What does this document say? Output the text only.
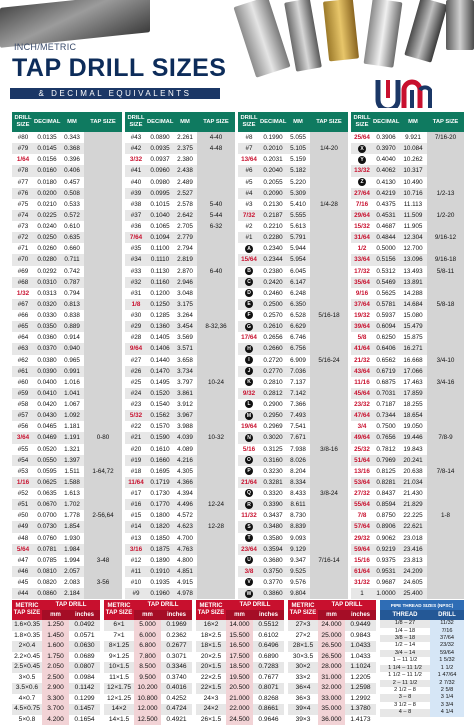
INCH/METRIC
TAP DRILL SIZES
& DECIMAL EQUIVALENTS
DRILL SIZE	DECIMAL	MM	TAP SIZE
#80	0.0135	0.343	
#79	0.0145	0.368	
1/64	0.0156	0.396	
#78	0.0160	0.406	
#77	0.0180	0.457	
#76	0.0200	0.508	
#75	0.0210	0.533	
#74	0.0225	0.572	
#73	0.0240	0.610	
#72	0.0250	0.635	
#71	0.0260	0.660	
#70	0.0280	0.711	
#69	0.0292	0.742	
#68	0.0310	0.787	
1/32	0.0313	0.794	
#67	0.0320	0.813	
#66	0.0330	0.838	
#65	0.0350	0.889	
#64	0.0360	0.914	
#63	0.0370	0.940	
#62	0.0380	0.965	
#61	0.0390	0.991	
#60	0.0400	1.016	
#59	0.0410	1.041	
#58	0.0420	1.067	
#57	0.0430	1.092	
#56	0.0465	1.181	
3/64	0.0469	1.191	0-80
#55	0.0520	1.321	
#54	0.0550	1.397	
#53	0.0595	1.511	1-64,72
1/16	0.0625	1.588	
#52	0.0635	1.613	
#51	0.0670	1.702	
#50	0.0700	1.778	2-56,64
#49	0.0730	1.854	
#48	0.0760	1.930	
5/64	0.0781	1.984	
#47	0.0785	1.994	3-48
#46	0.0810	2.057	
#45	0.0820	2.083	3-56
#44	0.0860	2.184	
DRILL SIZE	DECIMAL	MM	TAP SIZE
#43	0.0890	2.261	4-40
#42	0.0935	2.375	4-48
3/32	0.0937	2.380	
#41	0.0960	2.438	
#40	0.0980	2.489	
#39	0.0995	2.527	
#38	0.1015	2.578	5-40
#37	0.1040	2.642	5-44
#36	0.1065	2.705	6-32
7/64	0.1094	2.779	
#35	0.1100	2.794	
#34	0.1110	2.819	
#33	0.1130	2.870	6-40
#32	0.1160	2.946	
#31	0.1200	3.048	
1/8	0.1250	3.175	
#30	0.1285	3.264	
#29	0.1360	3.454	8-32,36
#28	0.1405	3.569	
9/64	0.1406	3.571	
#27	0.1440	3.658	
#26	0.1470	3.734	
#25	0.1495	3.797	10-24
#24	0.1520	3.861	
#23	0.1540	3.912	
5/32	0.1562	3.967	
#22	0.1570	3.988	
#21	0.1590	4.039	10-32
#20	0.1610	4.089	
#19	0.1660	4.216	
#18	0.1695	4.305	
11/64	0.1719	4.366	
#17	0.1730	4.394	
#16	0.1770	4.496	12-24
#15	0.1800	4.572	
#14	0.1820	4.623	12-28
#13	0.1850	4.700	
3/16	0.1875	4.763	
#12	0.1890	4.800	
#11	0.1910	4.851	
#10	0.1935	4.915	
#9	0.1960	4.978	
DRILL SIZE	DECIMAL	MM	TAP SIZE
#8	0.1990	5.055	
#7	0.2010	5.105	1/4-20
13/64	0.2031	5.159	
#6	0.2040	5.182	
#5	0.2055	5.220	
#4	0.2090	5.309	
#3	0.2130	5.410	1/4-28
7/32	0.2187	5.555	
#2	0.2210	5.613	
#1	0.2280	5.791	
A	0.2340	5.944	
15/64	0.2344	5.954	
B	0.2380	6.045	
C	0.2420	6.147	
D	0.2460	6.248	
E	0.2500	6.350	
F	0.2570	6.528	5/16-18
G	0.2610	6.629	
17/64	0.2656	6.746	
H	0.2660	6.756	
I	0.2720	6.909	5/16-24
J	0.2770	7.036	
K	0.2810	7.137	
9/32	0.2812	7.142	
L	0.2900	7.366	
M	0.2950	7.493	
19/64	0.2969	7.541	
N	0.3020	7.671	
5/16	0.3125	7.938	3/8-16
O	0.3160	8.026	
P	0.3230	8.204	
21/64	0.3281	8.334	
Q	0.3320	8.433	3/8-24
R	0.3390	8.611	
11/32	0.3437	8.730	
S	0.3480	8.839	
T	0.3580	9.093	
23/64	0.3594	9.129	
U	0.3680	9.347	7/16-14
3/8	0.3750	9.525	
V	0.3770	9.576	
W	0.3860	9.804	
DRILL SIZE	DECIMAL	MM	TAP SIZE
25/64	0.3906	9.921	7/16-20
X	0.3970	10.084	
Y	0.4040	10.262	
13/32	0.4062	10.317	
Z	0.4130	10.490	
27/64	0.4219	10.716	1/2-13
7/16	0.4375	11.113	
29/64	0.4531	11.509	1/2-20
15/32	0.4687	11.905	
31/64	0.4844	12.304	9/16-12
1/2	0.5000	12.700	
33/64	0.5156	13.096	9/16-18
17/32	0.5312	13.493	5/8-11
35/64	0.5469	13.891	
9/16	0.5625	14.288	
37/64	0.5781	14.684	5/8-18
19/32	0.5937	15.080	
39/64	0.6094	15.479	
5/8	0.6250	15.875	
41/64	0.6406	16.271	
21/32	0.6562	16.668	3/4-10
43/64	0.6719	17.066	
11/16	0.6875	17.463	3/4-16
45/64	0.7031	17.859	
23/32	0.7187	18.255	
47/64	0.7344	18.654	
3/4	0.7500	19.050	
49/64	0.7656	19.446	7/8-9
25/32	0.7812	19.843	
51/64	0.7969	20.241	
13/16	0.8125	20.638	7/8-14
53/64	0.8281	21.034	
27/32	0.8437	21.430	
55/64	0.8594	21.829	
7/8	0.8750	22.225	1-8
57/64	0.8906	22.621	
29/32	0.9062	23.018	
59/64	0.9219	23.416	
15/16	0.9375	23.813	
61/64	0.9531	24.209	
31/32	0.9687	24.605	
1	1.0000	25.400	
METRIC TAP SIZE	TAP DRILL	
	mm	inches
1.6×0.35	1.250	0.0492
1.8×0.35	1.450	0.0571
2×0.4	1.600	0.0630
2.2×0.45	1.750	0.0689
2.5×0.45	2.050	0.0807
3×0.5	2.500	0.0984
3.5×0.6	2.900	0.1142
4×0.7	3.300	0.1299
4.5×0.75	3.700	0.1457
5×0.8	4.200	0.1654
METRIC TAP SIZE	TAP DRILL	
	mm	inches
6×1	5.000	0.1969
7×1	6.000	0.2362
8×1.25	6.800	0.2677
9×1.25	7.800	0.3071
10×1.5	8.500	0.3346
11×1.5	9.500	0.3740
12×1.75	10.200	0.4016
12×1.25	10.800	0.4252
14×2	12.000	0.4724
14×1.5	12.500	0.4921
METRIC TAP SIZE	TAP DRILL	
	mm	inches
16×2	14.000	0.5512
18×2.5	15.500	0.6102
18×1.5	16.500	0.6496
20×2.5	17.500	0.6890
20×1.5	18.500	0.7283
22×2.5	19.500	0.7677
22×1.5	20.500	0.8071
24×3	21.000	0.8268
24×2	22.000	0.8661
26×1.5	24.500	0.9646
METRIC TAP SIZE	TAP DRILL	
	mm	inches
27×3	24.000	0.9449
27×2	25.000	0.9843
28×1.5	26.500	1.0433
30×3.5	26.500	1.0433
30×2	28.000	1.1024
33×2	31.000	1.2205
36×4	32.000	1.2598
36×3	33.000	1.2992
39×4	35.000	1.3780
39×3	36.000	1.4173
PIPE THREAD SIZES (NPSC)	
THREAD	DRILL
1/8 – 27	11/32
1/4 – 18	7/16
3/8 – 18	37/64
1/2 – 14	23/32
3/4 – 14	59/64
1 – 11 1/2	1 5/32
1 1/4 – 11 1/2	1 1/2
1 1/2 – 11 1/2	1 47/64
2 – 11 1/2	2 7/32
2 1/2 – 8	2 5/8
3 – 8	3 1/4
3 1/2 – 8	3 3/4
4 – 8	4 1/4
